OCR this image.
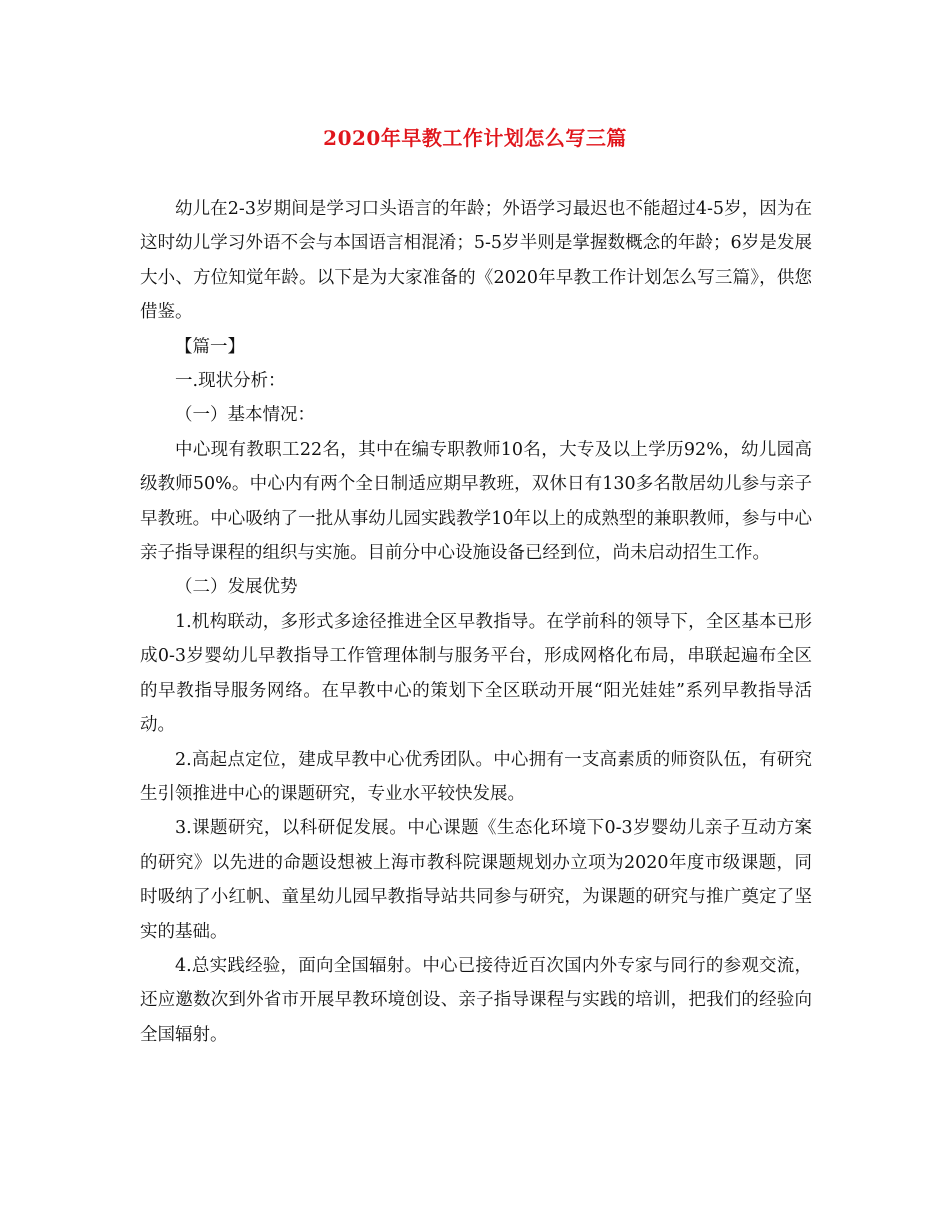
2020年早教工作计划怎么写三篇

幼儿在2-3岁期间是学习口头语言的年龄；外语学习最迟也不能超过4-5岁，因为在这时幼儿学习外语不会与本国语言相混淆；5-5岁半则是掌握数概念的年龄；6岁是发展大小、方位知觉年龄。以下是为大家准备的《2020年早教工作计划怎么写三篇》，供您借鉴。

【篇一】

一.现状分析：

（一）基本情况：

中心现有教职工22名，其中在编专职教师10名，大专及以上学历92%，幼儿园高级教师50%。中心内有两个全日制适应期早教班，双休日有130多名散居幼儿参与亲子早教班。中心吸纳了一批从事幼儿园实践教学10年以上的成熟型的兼职教师，参与中心亲子指导课程的组织与实施。目前分中心设施设备已经到位，尚未启动招生工作。

（二）发展优势

1.机构联动，多形式多途径推进全区早教指导。在学前科的领导下，全区基本已形成0-3岁婴幼儿早教指导工作管理体制与服务平台，形成网格化布局，串联起遍布全区的早教指导服务网络。在早教中心的策划下全区联动开展“阳光娃娃”系列早教指导活动。

2.高起点定位，建成早教中心优秀团队。中心拥有一支高素质的师资队伍，有研究生引领推进中心的课题研究，专业水平较快发展。

3.课题研究，以科研促发展。中心课题《生态化环境下0-3岁婴幼儿亲子互动方案的研究》以先进的命题设想被上海市教科院课题规划办立项为2020年度市级课题，同时吸纳了小红帆、童星幼儿园早教指导站共同参与研究，为课题的研究与推广奠定了坚实的基础。

4.总实践经验，面向全国辐射。中心已接待近百次国内外专家与同行的参观交流，还应邀数次到外省市开展早教环境创设、亲子指导课程与实践的培训，把我们的经验向全国辐射。
